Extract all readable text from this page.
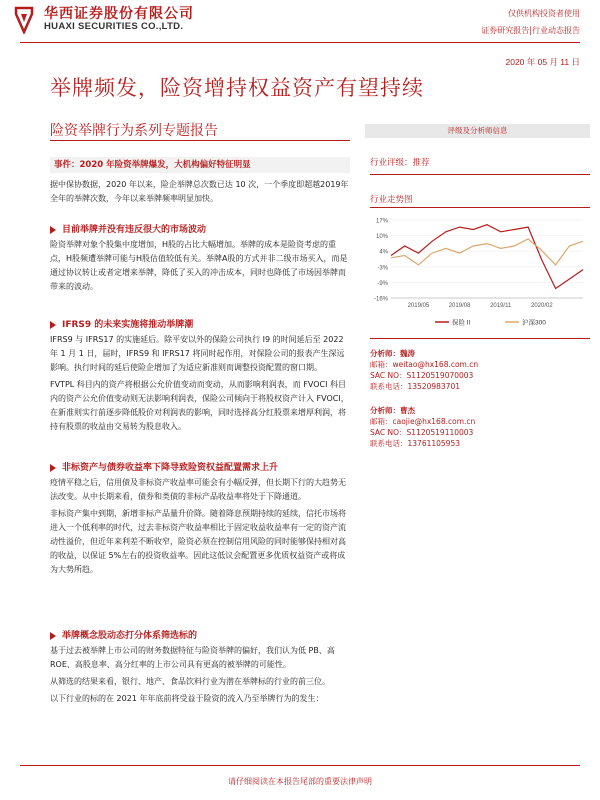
华西证券股份有限公司
HUAXI SECURITIES CO.,LTD.
仅供机构投资者使用
证券研究报告|行业动态报告
2020 年 05 月 11 日
举牌频发，险资增持权益资产有望持续
险资举牌行为系列专题报告	评级及分析师信息
行业评级：推荐
行业走势图
17%
10%
4%
-3%
-9%
-16%
2019/05	2019/08	2019/11	2020/02
保险 II	沪深300
分析师：魏涛
邮箱：weitao@hx168.com.cn
SAC NO：S1120519070003
联系电话：13520983701
分析师：曹杰
邮箱：caojie@hx168.com.cn
SAC NO：S1120519110003
联系电话：13761105953
事件：2020 年险资举牌爆发，大机构偏好特征明显
据中保协数据，2020 年以来，险企举牌总次数已达 10 次，一个季度即超越2019年全年的举牌次数，今年以来举牌频率明显加快。
目前举牌并没有违反很大的市场波动
险资举牌对象个股集中度增加，H股的占比大幅增加。举牌的成本是险资考虑的重点，H股频遭举牌可能与H股估值较低有关。举牌A股的方式并非二级市场买入，而是通过协议转让或者定增来举牌，降低了买入的冲击成本，同时也降低了市场因举牌而带来的波动。
IFRS9 的未来实施将推动举牌潮
IFRS9 与 IFRS17 的实施延后。除平安以外的保险公司执行 I9 的时间延后至 2022 年 1 月 1 日，届时，IFRS9 和 IFRS17 将同时起作用，对保险公司的报表产生深远影响。执行时间的延后使险企增加了为适应新准则而调整投资配置的窗口期。
FVTPL 科目内的资产将根据公允价值变动而变动，从而影响利润表，而 FVOCI 科目内的资产公允价值变动则无法影响利润表，保险公司倾向于将股权资产计入 FVOCI，在新准则实行前逐步降低股价对利润表的影响，同时选择高分红股票来增厚利润，将持有股票的收益由交易转为股息收入。
非标资产与债券收益率下降导致险资权益配置需求上升
疫情平稳之后，信用债及非标资产收益率可能会有小幅反弹，但长期下行的大趋势无法改变。从中长期来看，债券和类债的非标产品收益率将处于下降通道。
非标资产集中到期，新增非标产品量升价降。随着降息预期持续的延续，信托市场将进入一个低利率的时代，过去非标资产收益率相比于固定收益收益率有一定的资产流动性溢价，但近年来利差不断收窄，险资必须在控制信用风险的同时能够保持相对高的收益，以保证 5%左右的投资收益率。因此这低议会配置更多优质权益资产或将成为大势所趋。
举牌概念股动态打分体系筛选标的
基于过去被举牌上市公司的财务数据特征与险资举牌的偏好，我们认为低 PB、高 ROE、高股息率、高分红率的上市公司具有更高的被举牌的可能性。
从筛选的结果来看，银行、地产、食品饮料行业为潜在举牌标的行业的前三位。
以下行业的标的在 2021 年年底前将受益于险资的流入乃至举牌行为的发生：
请仔细阅读在本报告尾部的重要法律声明
